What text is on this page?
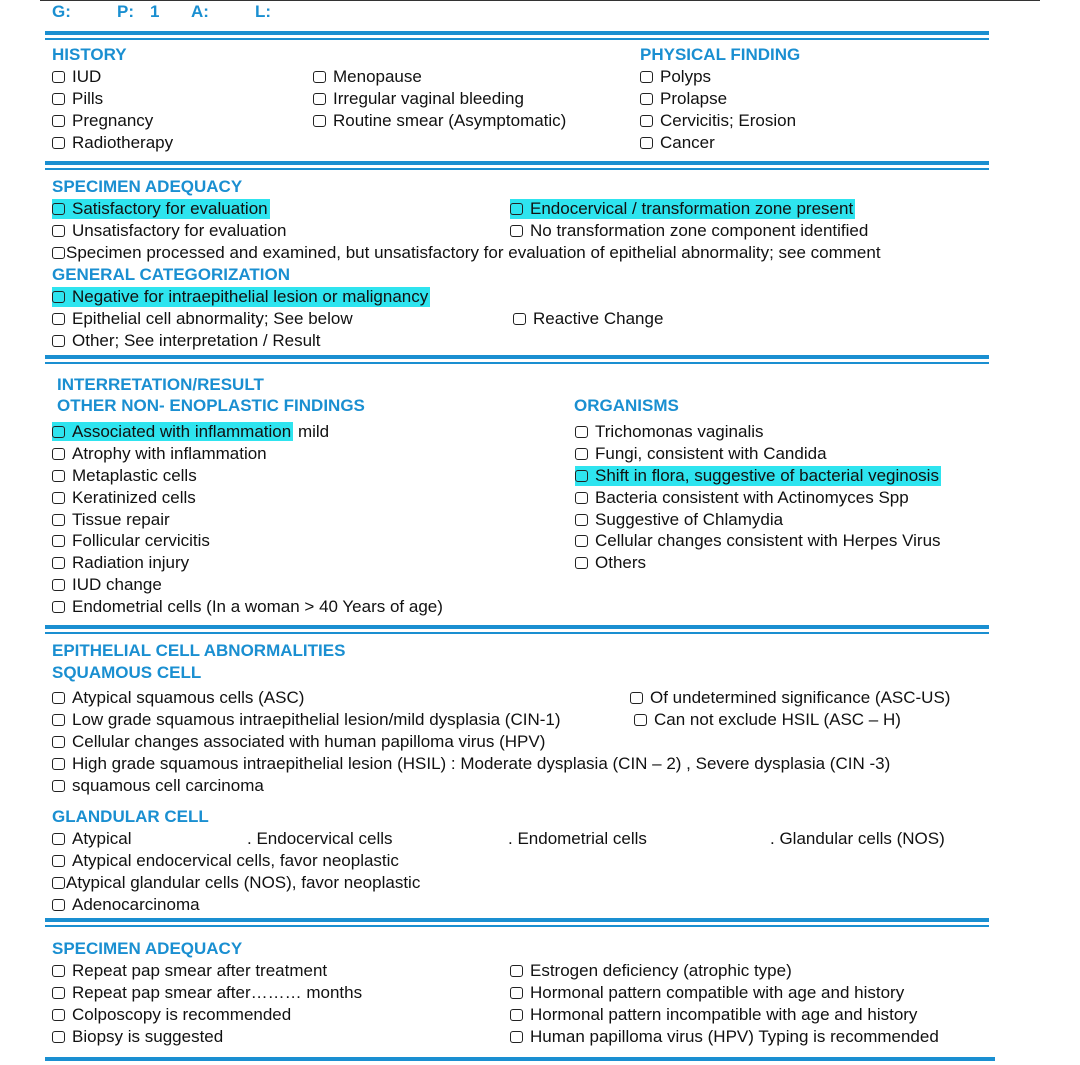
G:	P: 1 A:	L:
HISTORY
IUD
Pills
Pregnancy
Radiotherapy
Menopause
Irregular vaginal bleeding
Routine smear (Asymptomatic)
PHYSICAL FINDING
Polyps
Prolapse
Cervicitis; Erosion
Cancer
SPECIMEN ADEQUACY
Satisfactory for evaluation	Endocervical / transformation zone present
Unsatisfactory for evaluation	No transformation zone component identified
Specimen processed and examined, but unsatisfactory for evaluation of epithelial abnormality; see comment
GENERAL CATEGORIZATION
Negative for intraepithelial lesion or malignancy
Epithelial cell abnormality; See below	Reactive Change
Other; See interpretation / Result
INTERRETATION/RESULT
OTHER NON- ENOPLASTIC FINDINGS
Associated with inflammation mild
Atrophy with inflammation
Metaplastic cells
Keratinized cells
Tissue repair
Follicular cervicitis
Radiation injury
IUD change
Endometrial cells (In a woman > 40 Years of age)
ORGANISMS
Trichomonas vaginalis
Fungi, consistent with Candida
Shift in flora, suggestive of bacterial veginosis
Bacteria consistent with Actinomyces Spp
Suggestive of Chlamydia
Cellular changes consistent with Herpes Virus
Others
EPITHELIAL CELL ABNORMALITIES
SQUAMOUS CELL
Atypical squamous cells (ASC)
Low grade squamous intraepithelial lesion/mild dysplasia (CIN-1)
Cellular changes associated with human papilloma virus (HPV)
High grade squamous intraepithelial lesion (HSIL) : Moderate dysplasia (CIN – 2) , Severe dysplasia (CIN -3)
squamous cell carcinoma
Of undetermined significance (ASC-US)
Can not exclude HSIL (ASC – H)
GLANDULAR CELL
Atypical	. Endocervical cells	. Endometrial cells	. Glandular cells (NOS)
Atypical endocervical cells, favor neoplastic
Atypical glandular cells (NOS), favor neoplastic
Adenocarcinoma
SPECIMEN ADEQUACY
Repeat pap smear after treatment
Repeat pap smear after……… months
Colposcopy is recommended
Biopsy is suggested
Estrogen deficiency (atrophic type)
Hormonal pattern compatible with age and history
Hormonal pattern incompatible with age and history
Human papilloma virus (HPV) Typing is recommended
